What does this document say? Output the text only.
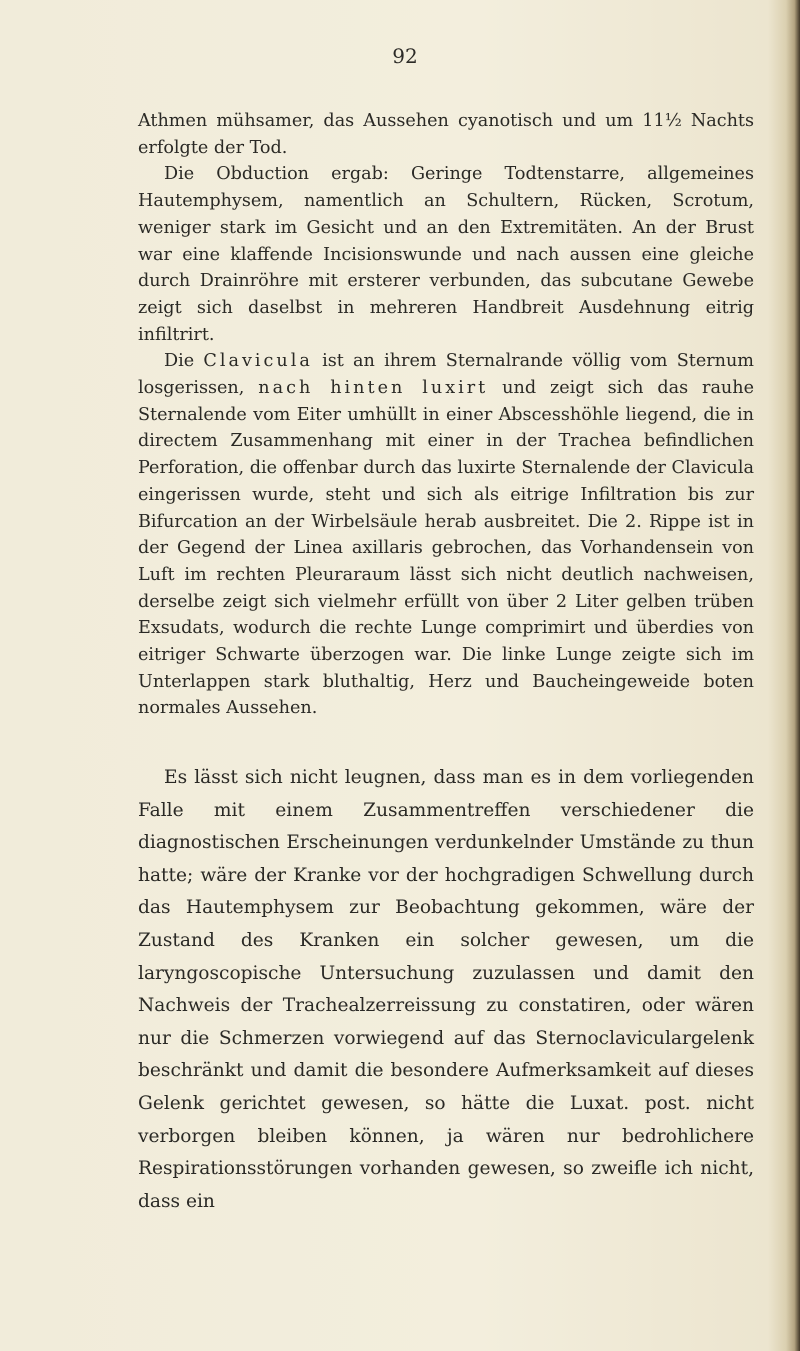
92

Athmen mühsamer, das Aussehen cyanotisch und um 11½ Nachts erfolgte der Tod.

Die Obduction ergab: Geringe Todtenstarre, allgemeines Hautemphysem, namentlich an Schultern, Rücken, Scrotum, weniger stark im Gesicht und an den Extremitäten. An der Brust war eine klaffende Incisionswunde und nach aussen eine gleiche durch Drainröhre mit ersterer verbunden, das subcutane Gewebe zeigt sich daselbst in mehreren Handbreit Ausdehnung eitrig infiltrirt.

Die Clavicula ist an ihrem Sternalrande völlig vom Sternum losgerissen, nach hinten luxirt und zeigt sich das rauhe Sternalende vom Eiter umhüllt in einer Abscesshöhle liegend, die in directem Zusammenhang mit einer in der Trachea befindlichen Perforation, die offenbar durch das luxirte Sternalende der Clavicula eingerissen wurde, steht und sich als eitrige Infiltration bis zur Bifurcation an der Wirbelsäule herab ausbreitet. Die 2. Rippe ist in der Gegend der Linea axillaris gebrochen, das Vorhandensein von Luft im rechten Pleuraraum lässt sich nicht deutlich nachweisen, derselbe zeigt sich vielmehr erfüllt von über 2 Liter gelben trüben Exsudats, wodurch die rechte Lunge comprimirt und überdies von eitriger Schwarte überzogen war. Die linke Lunge zeigte sich im Unterlappen stark bluthaltig, Herz und Baucheingeweide boten normales Aussehen.

Es lässt sich nicht leugnen, dass man es in dem vorliegenden Falle mit einem Zusammentreffen verschiedener die diagnostischen Erscheinungen verdunkelnder Umstände zu thun hatte; wäre der Kranke vor der hochgradigen Schwellung durch das Hautemphysem zur Beobachtung gekommen, wäre der Zustand des Kranken ein solcher gewesen, um die laryngoscopische Untersuchung zuzulassen und damit den Nachweis der Trachealzerreissung zu constatiren, oder wären nur die Schmerzen vorwiegend auf das Sternoclaviculargelenk beschränkt und damit die besondere Aufmerksamkeit auf dieses Gelenk gerichtet gewesen, so hätte die Luxat. post. nicht verborgen bleiben können, ja wären nur bedrohlichere Respirationsstörungen vorhanden gewesen, so zweifle ich nicht, dass ein
